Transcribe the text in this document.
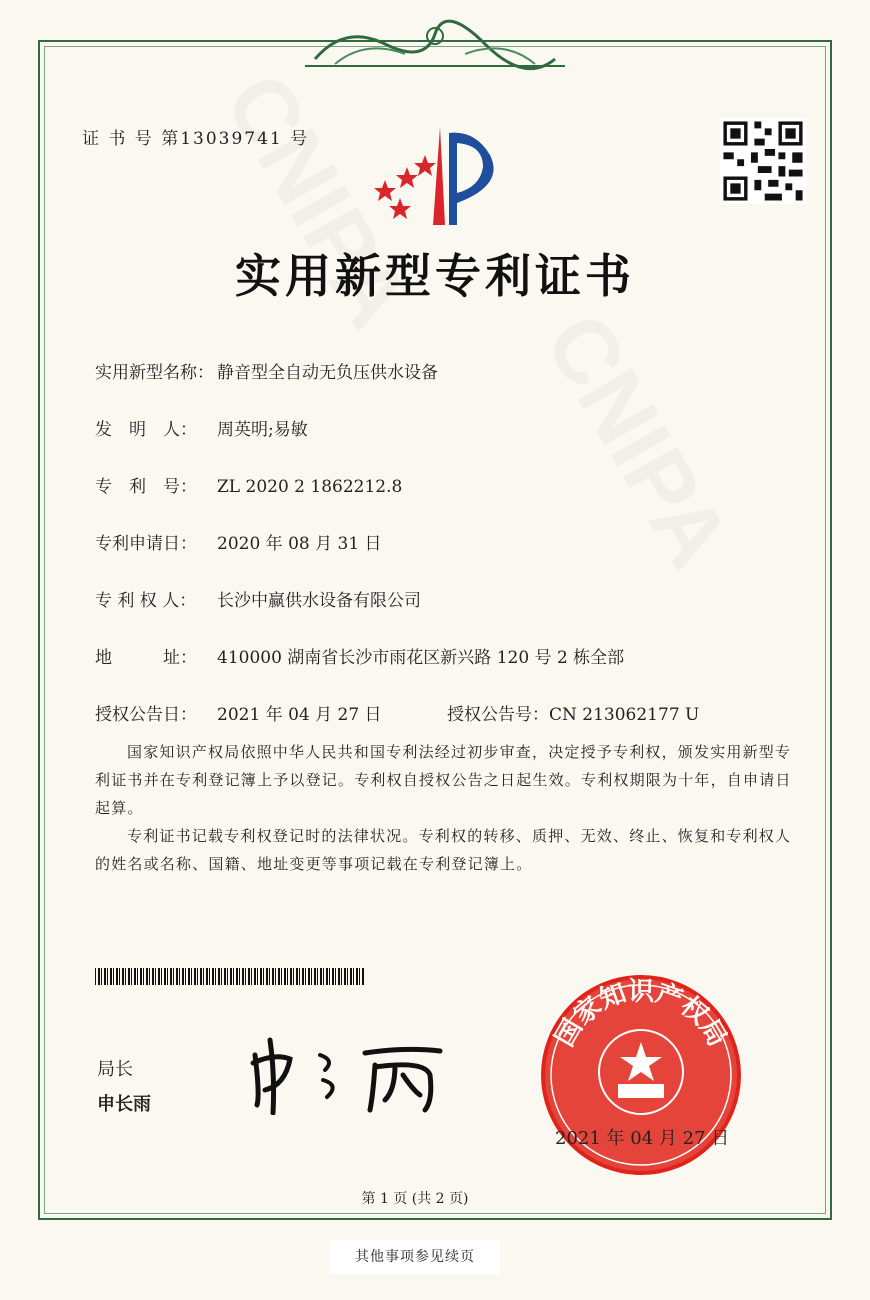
证 书 号 第13039741 号
实用新型专利证书
实用新型名称： 静音型全自动无负压供水设备
发　明　人： 周英明;易敏
专　利　号： ZL 2020 2 1862212.8
专利申请日： 2020 年 08 月 31 日
专 利 权 人： 长沙中赢供水设备有限公司
地　　　址： 410000 湖南省长沙市雨花区新兴路 120 号 2 栋全部
授权公告日： 2021 年 04 月 27 日	授权公告号：CN 213062177 U
国家知识产权局依照中华人民共和国专利法经过初步审查，决定授予专利权，颁发实用新型专利证书并在专利登记簿上予以登记。专利权自授权公告之日起生效。专利权期限为十年，自申请日起算。
专利证书记载专利权登记时的法律状况。专利权的转移、质押、无效、终止、恢复和专利权人的姓名或名称、国籍、地址变更等事项记载在专利登记簿上。
局长
申长雨
国家知识产权局
2021 年 04 月 27 日
第 1 页 (共 2 页)
其他事项参见续页
